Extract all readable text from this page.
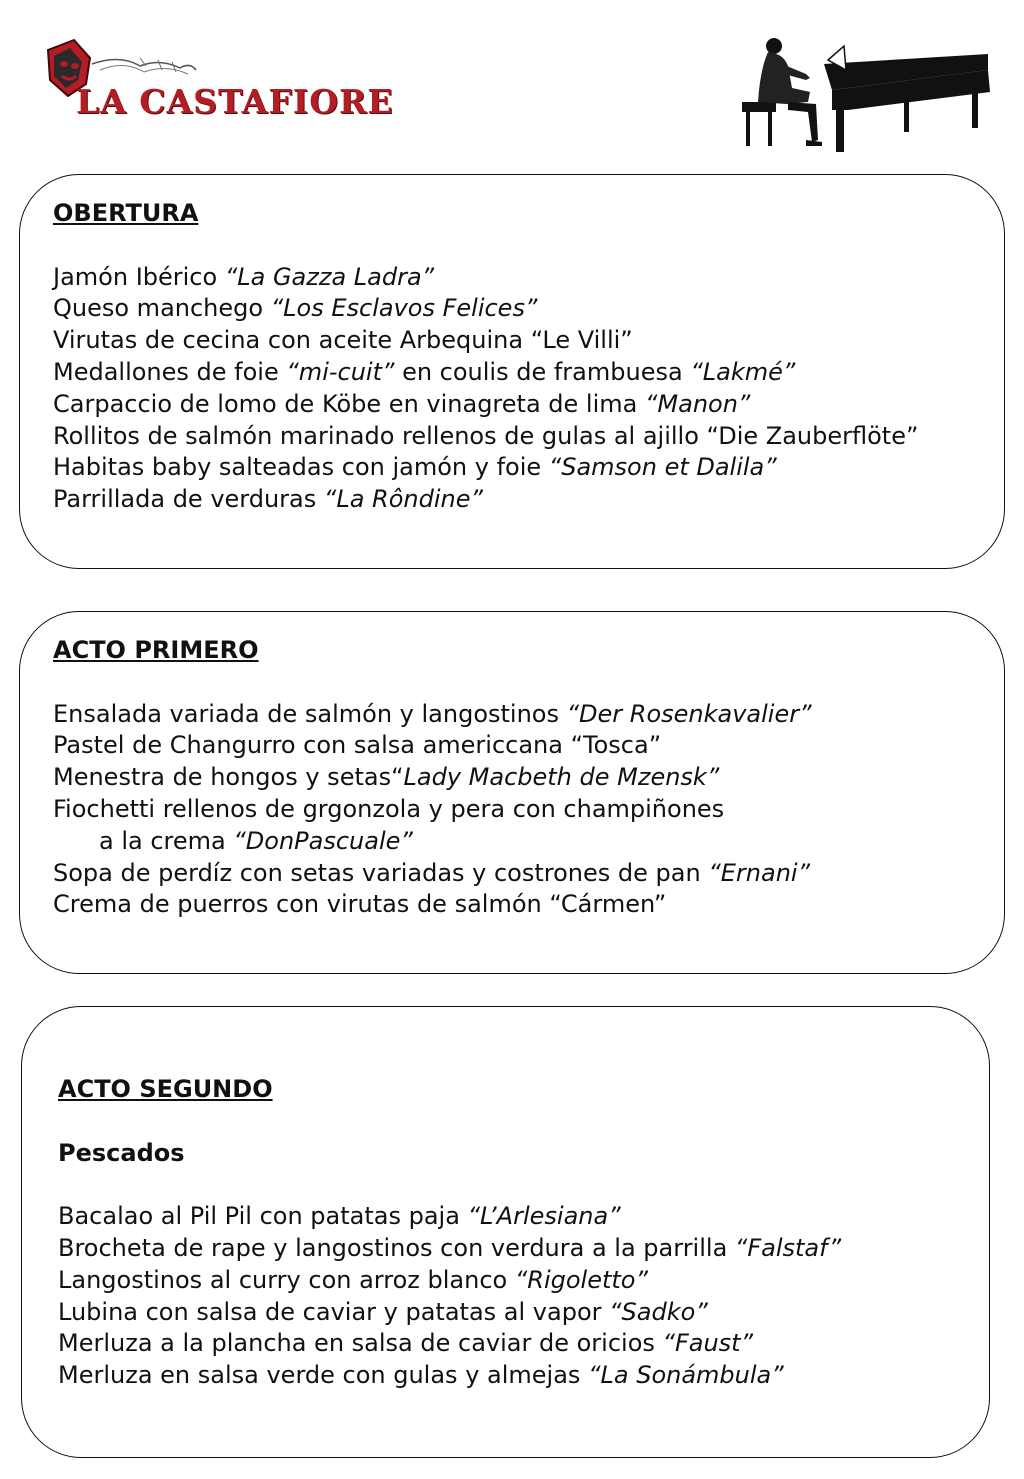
LA CASTAFIORE
OBERTURA
Jamón Ibérico “La Gazza Ladra”
Queso manchego “Los Esclavos Felices”
Virutas de cecina con aceite Arbequina “Le Villi”
Medallones de foie “mi-cuit” en coulis de frambuesa “Lakmé”
Carpaccio de lomo de Köbe en vinagreta de lima “Manon”
Rollitos de salmón marinado rellenos de gulas al ajillo “Die Zauberflöte”
Habitas baby salteadas con jamón y foie “Samson et Dalila”
Parrillada de verduras “La Rôndine”
ACTO PRIMERO
Ensalada variada de salmón y langostinos “Der Rosenkavalier”
Pastel de Changurro con salsa americcana “Tosca”
Menestra de hongos y setas“Lady Macbeth de Mzensk”
Fiochetti rellenos de grgonzola y pera con champiñones
a la crema “DonPascuale”
Sopa de perdíz con setas variadas y costrones de pan “Ernani”
Crema de puerros con virutas de salmón “Cármen”
ACTO SEGUNDO
Pescados
Bacalao al Pil Pil con patatas paja “L’Arlesiana”
Brocheta de rape y langostinos con verdura a la parrilla “Falstaf”
Langostinos al curry con arroz blanco “Rigoletto”
Lubina con salsa de caviar y patatas al vapor “Sadko”
Merluza a la plancha en salsa de caviar de oricios “Faust”
Merluza en salsa verde con gulas y almejas “La Sonámbula”
